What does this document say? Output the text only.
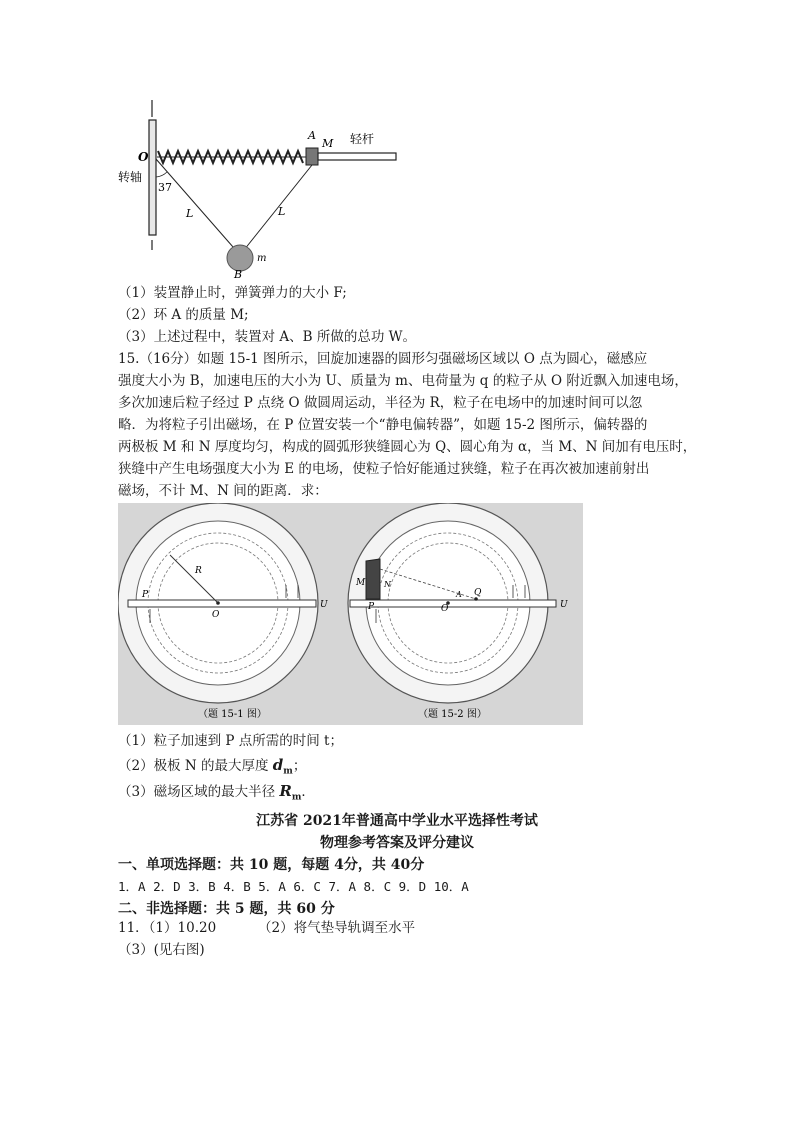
O
A
M 轻杆
转轴
37
L	L
B
m
（1）装置静止时，弹簧弹力的大小 F;
（2）环 A 的质量 M;
（3）上述过程中，装置对 A、B 所做的总功 W。
15.（16分）如题 15-1 图所示，回旋加速器的圆形匀强磁场区域以 O 点为圆心，磁感应
强度大小为 B，加速电压的大小为 U、质量为 m、电荷量为 q 的粒子从 O 附近飘入加速电场，
多次加速后粒子经过 P 点绕 O 做圆周运动，半径为 R，粒子在电场中的加速时间可以忽
略．为将粒子引出磁场，在 P 位置安装一个“静电偏转器”，如题 15-2 图所示，偏转器的
两极板 M 和 N 厚度均匀，构成的圆弧形狭缝圆心为 Q、圆心角为 α，当 M、N 间加有电压时，
狭缝中产生电场强度大小为 E 的电场，使粒子恰好能通过狭缝，粒子在再次被加速前射出
磁场，不计 M、N 间的距离．求：
R
O
P
U
M N
P	O
A Q
U
（题 15-1 图）	（题 15-2 图）
（1）粒子加速到 P 点所需的时间 t；
（2）极板 N 的最大厚度 $d_m$；
（3）磁场区域的最大半径 $R_m$．
江苏省 2021年普通高中学业水平选择性考试
物理参考答案及评分建议
一、单项选择题：共 10 题，每题 4分，共 40分
1．A 2．D 3．B 4．B 5．A 6．C 7．A 8．C 9．D 10．A
二、非选择题：共 5 题，共 60 分
11．（1）10.20	（2）将气垫导轨调至水平
（3）(见右图)
